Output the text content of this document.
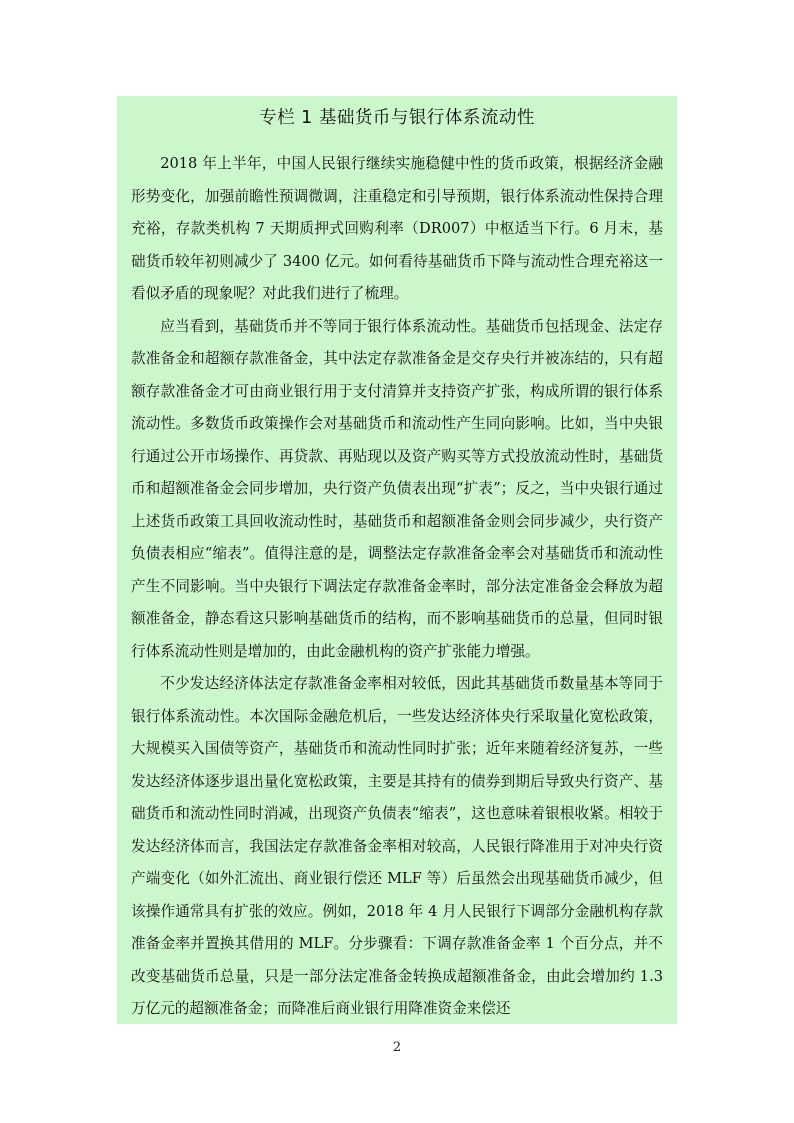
专栏 1 基础货币与银行体系流动性

2018 年上半年，中国人民银行继续实施稳健中性的货币政策，根据经济金融形势变化，加强前瞻性预调微调，注重稳定和引导预期，银行体系流动性保持合理充裕，存款类机构 7 天期质押式回购利率（DR007）中枢适当下行。6 月末，基础货币较年初则减少了 3400 亿元。如何看待基础货币下降与流动性合理充裕这一看似矛盾的现象呢？对此我们进行了梳理。

应当看到，基础货币并不等同于银行体系流动性。基础货币包括现金、法定存款准备金和超额存款准备金，其中法定存款准备金是交存央行并被冻结的，只有超额存款准备金才可由商业银行用于支付清算并支持资产扩张，构成所谓的银行体系流动性。多数货币政策操作会对基础货币和流动性产生同向影响。比如，当中央银行通过公开市场操作、再贷款、再贴现以及资产购买等方式投放流动性时，基础货币和超额准备金会同步增加，央行资产负债表出现“扩表”；反之，当中央银行通过上述货币政策工具回收流动性时，基础货币和超额准备金则会同步减少，央行资产负债表相应“缩表”。值得注意的是，调整法定存款准备金率会对基础货币和流动性产生不同影响。当中央银行下调法定存款准备金率时，部分法定准备金会释放为超额准备金，静态看这只影响基础货币的结构，而不影响基础货币的总量，但同时银行体系流动性则是增加的，由此金融机构的资产扩张能力增强。

不少发达经济体法定存款准备金率相对较低，因此其基础货币数量基本等同于银行体系流动性。本次国际金融危机后，一些发达经济体央行采取量化宽松政策，大规模买入国债等资产，基础货币和流动性同时扩张；近年来随着经济复苏，一些发达经济体逐步退出量化宽松政策，主要是其持有的债券到期后导致央行资产、基础货币和流动性同时消减，出现资产负债表“缩表”，这也意味着银根收紧。相较于发达经济体而言，我国法定存款准备金率相对较高，人民银行降准用于对冲央行资产端变化（如外汇流出、商业银行偿还 MLF 等）后虽然会出现基础货币减少，但该操作通常具有扩张的效应。例如，2018 年 4 月人民银行下调部分金融机构存款准备金率并置换其借用的 MLF。分步骤看：下调存款准备金率 1 个百分点，并不改变基础货币总量，只是一部分法定准备金转换成超额准备金，由此会增加约 1.3 万亿元的超额准备金；而降准后商业银行用降准资金来偿还

2
